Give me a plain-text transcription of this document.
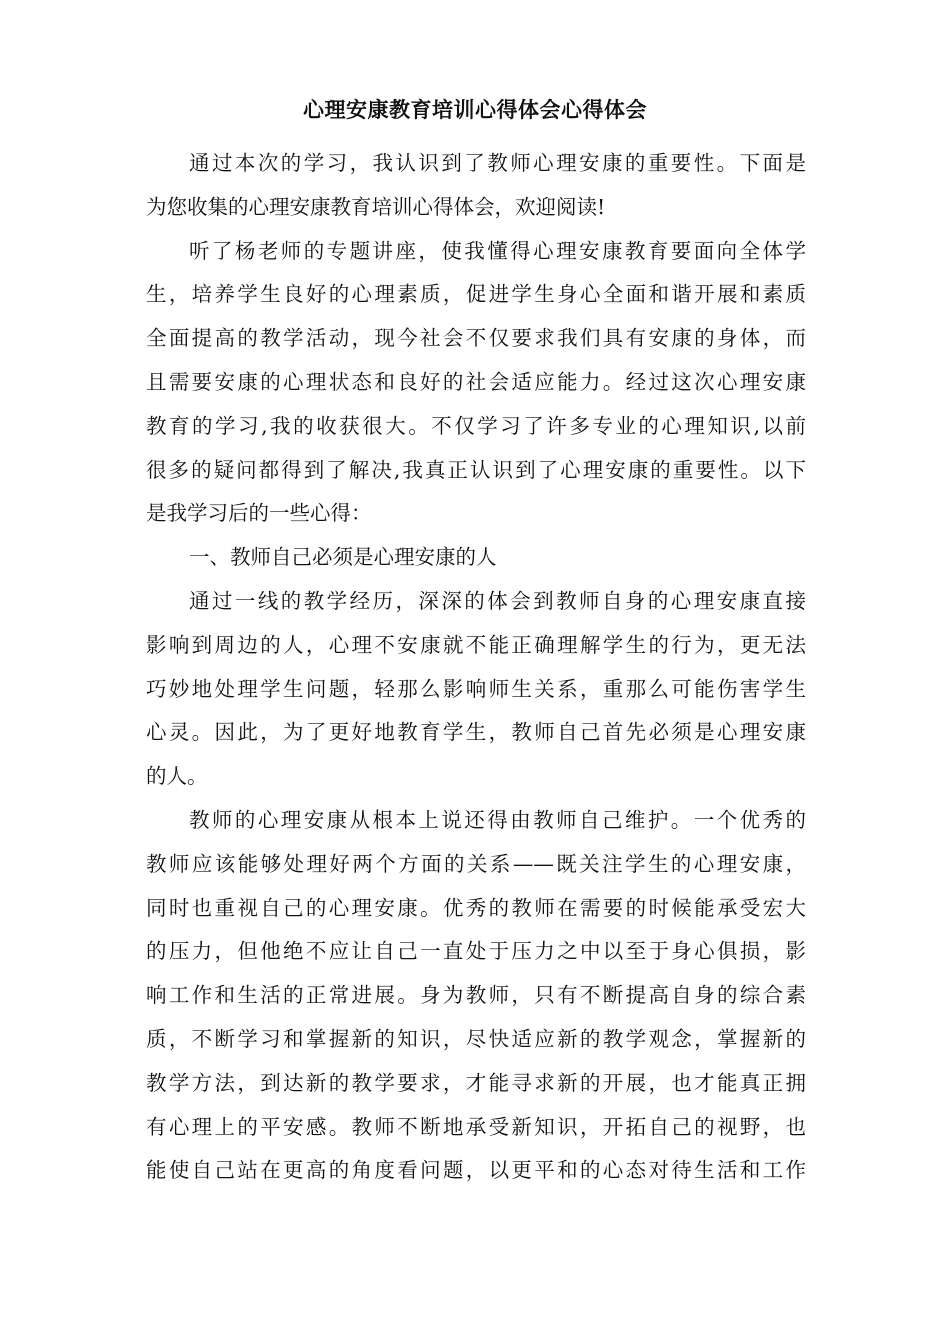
心理安康教育培训心得体会心得体会
通过本次的学习，我认识到了教师心理安康的重要性。下面是
为您收集的心理安康教育培训心得体会，欢迎阅读!
听了杨老师的专题讲座，使我懂得心理安康教育要面向全体学
生，培养学生良好的心理素质，促进学生身心全面和谐开展和素质
全面提高的教学活动，现今社会不仅要求我们具有安康的身体，而
且需要安康的心理状态和良好的社会适应能力。经过这次心理安康
教育的学习,我的收获很大。不仅学习了许多专业的心理知识,以前
很多的疑问都得到了解决,我真正认识到了心理安康的重要性。以下
是我学习后的一些心得：
一、教师自己必须是心理安康的人
通过一线的教学经历，深深的体会到教师自身的心理安康直接
影响到周边的人，心理不安康就不能正确理解学生的行为，更无法
巧妙地处理学生问题，轻那么影响师生关系，重那么可能伤害学生
心灵。因此，为了更好地教育学生，教师自己首先必须是心理安康
的人。
教师的心理安康从根本上说还得由教师自己维护。一个优秀的
教师应该能够处理好两个方面的关系——既关注学生的心理安康，
同时也重视自己的心理安康。优秀的教师在需要的时候能承受宏大
的压力，但他绝不应让自己一直处于压力之中以至于身心俱损，影
响工作和生活的正常进展。身为教师，只有不断提高自身的综合素
质，不断学习和掌握新的知识，尽快适应新的教学观念，掌握新的
教学方法，到达新的教学要求，才能寻求新的开展，也才能真正拥
有心理上的平安感。教师不断地承受新知识，开拓自己的视野，也
能使自己站在更高的角度看问题，以更平和的心态对待生活和工作
